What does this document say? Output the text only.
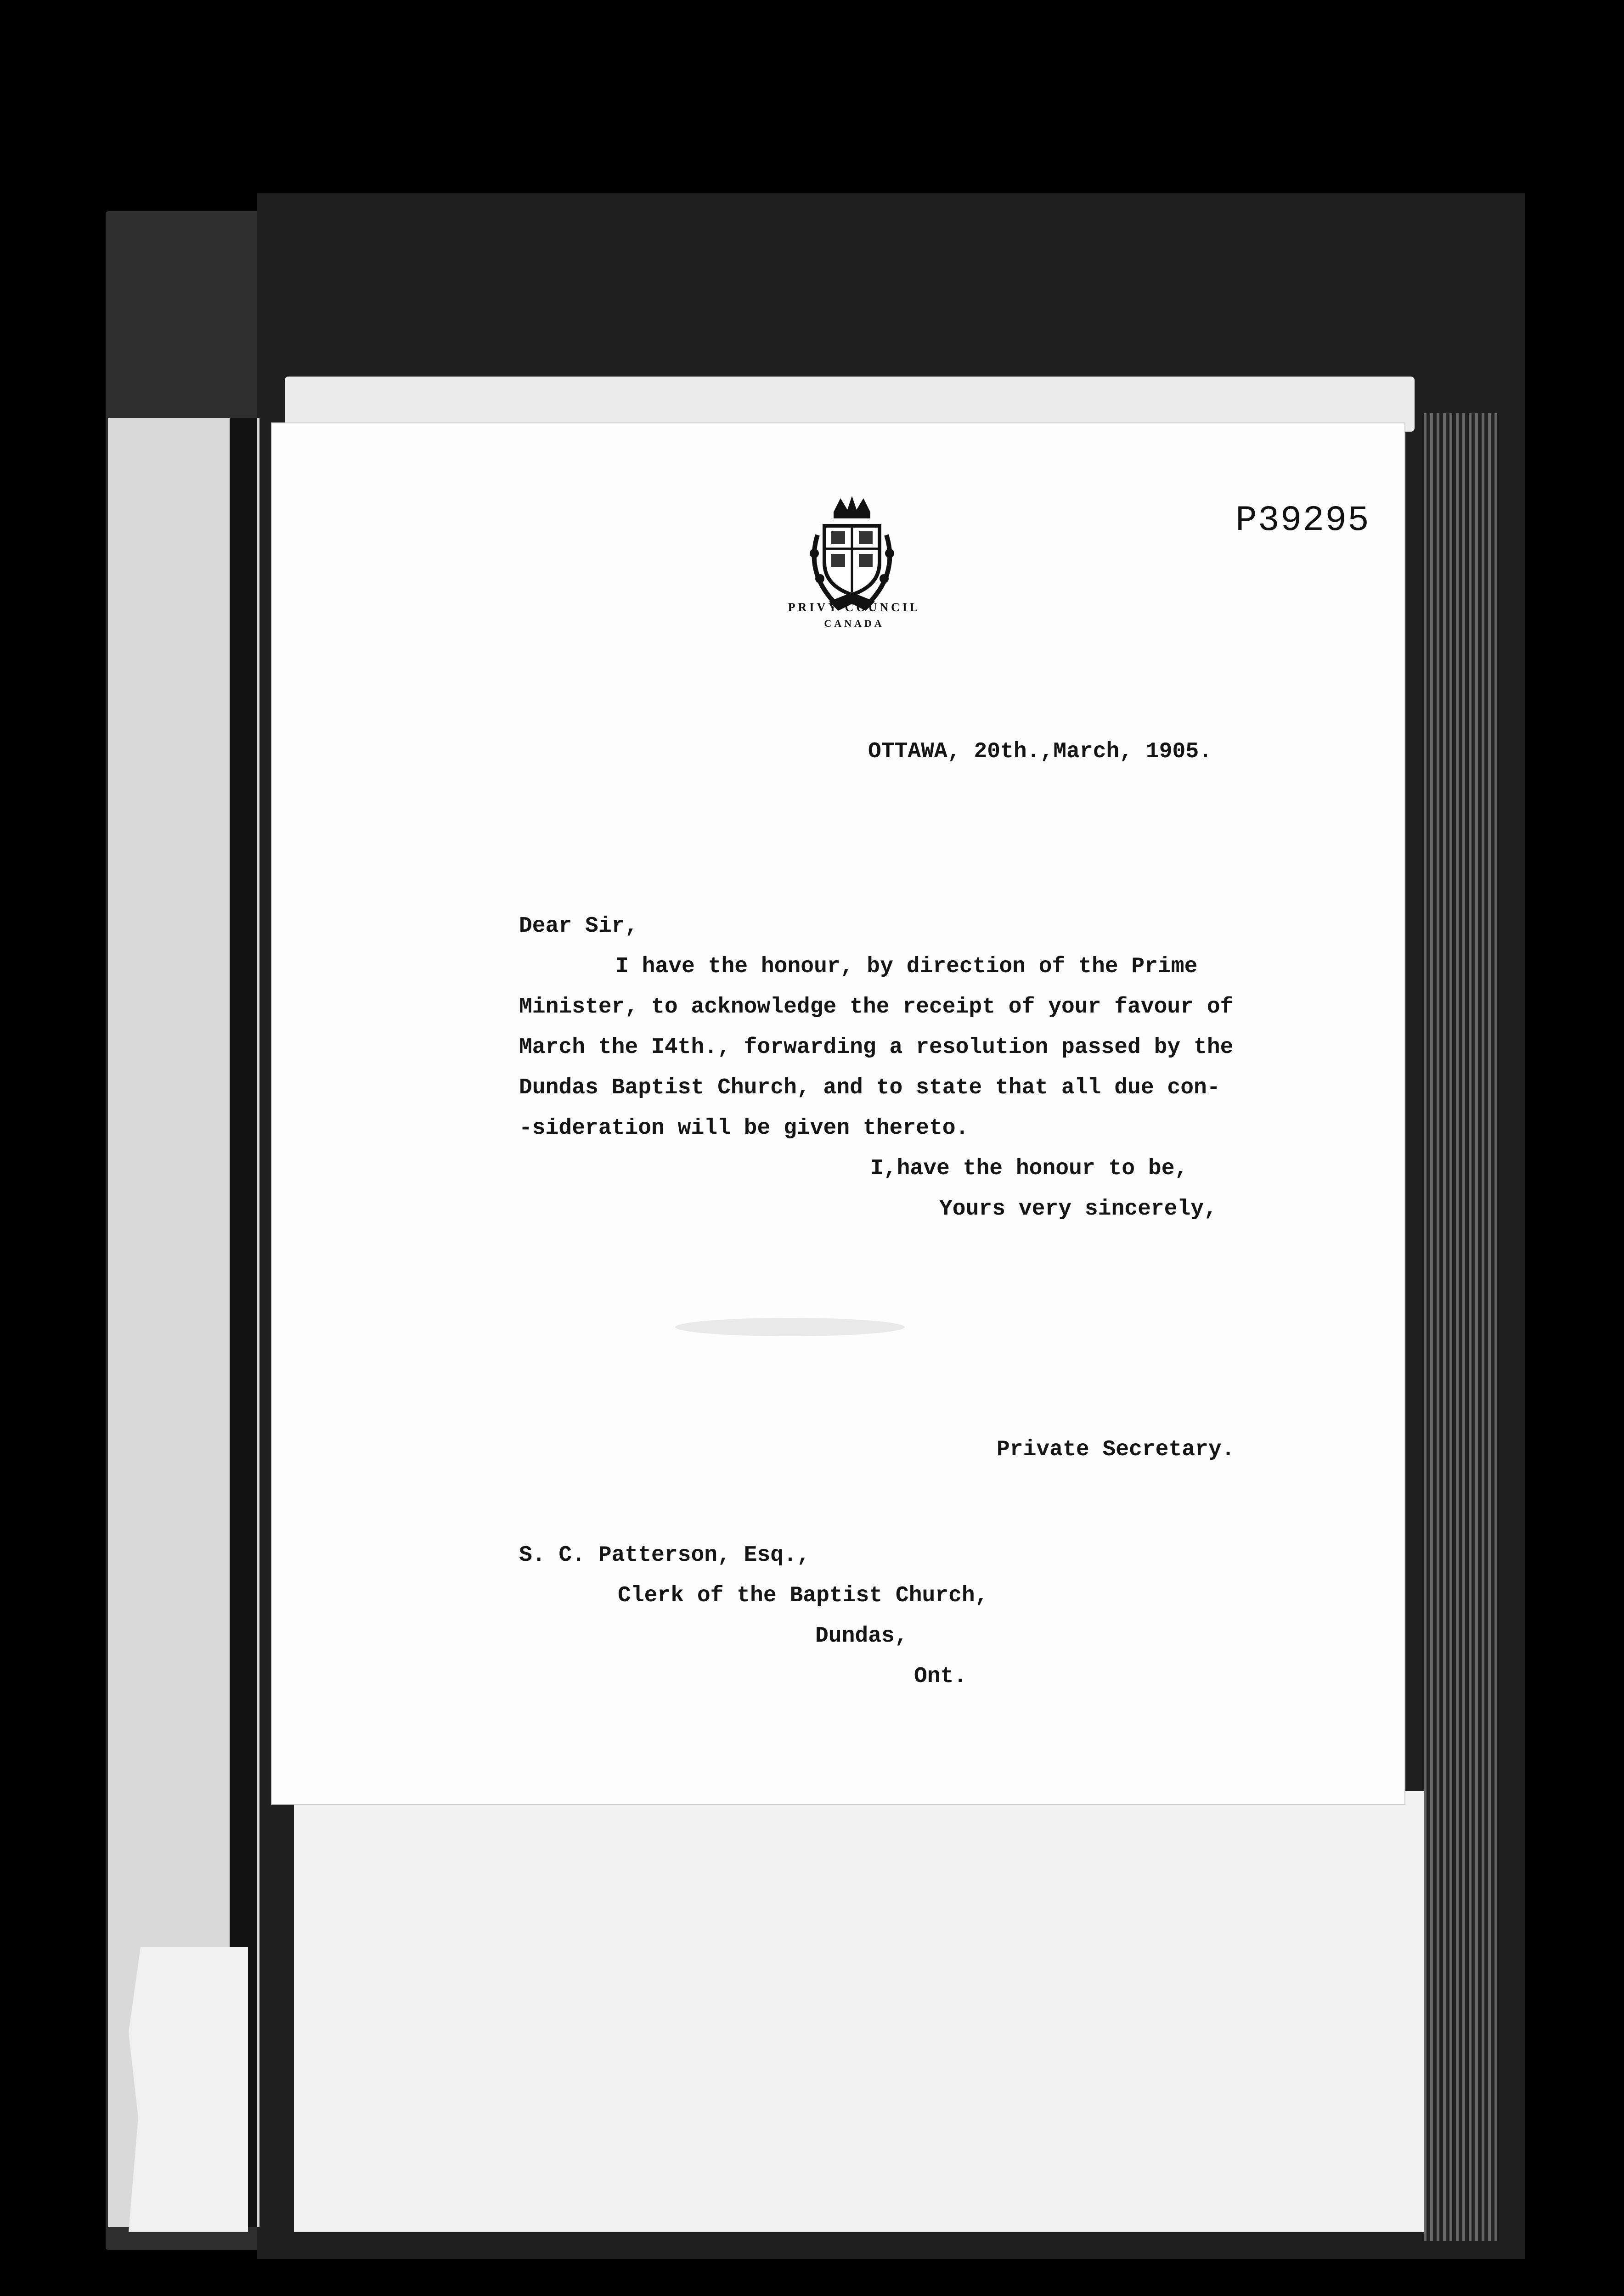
PRIVY COUNCIL
CANADA
P39295
OTTAWA, 20th.,March, 1905.
Dear Sir,
I have the honour, by direction of the Prime
Minister, to acknowledge the receipt of your favour of
March the I4th., forwarding a resolution passed by the
Dundas Baptist Church, and to state that all due con-
-sideration will be given thereto.
I,have the honour to be,
Yours very sincerely,
Private Secretary.
S. C. Patterson, Esq.,
Clerk of the Baptist Church,
Dundas,
Ont.
